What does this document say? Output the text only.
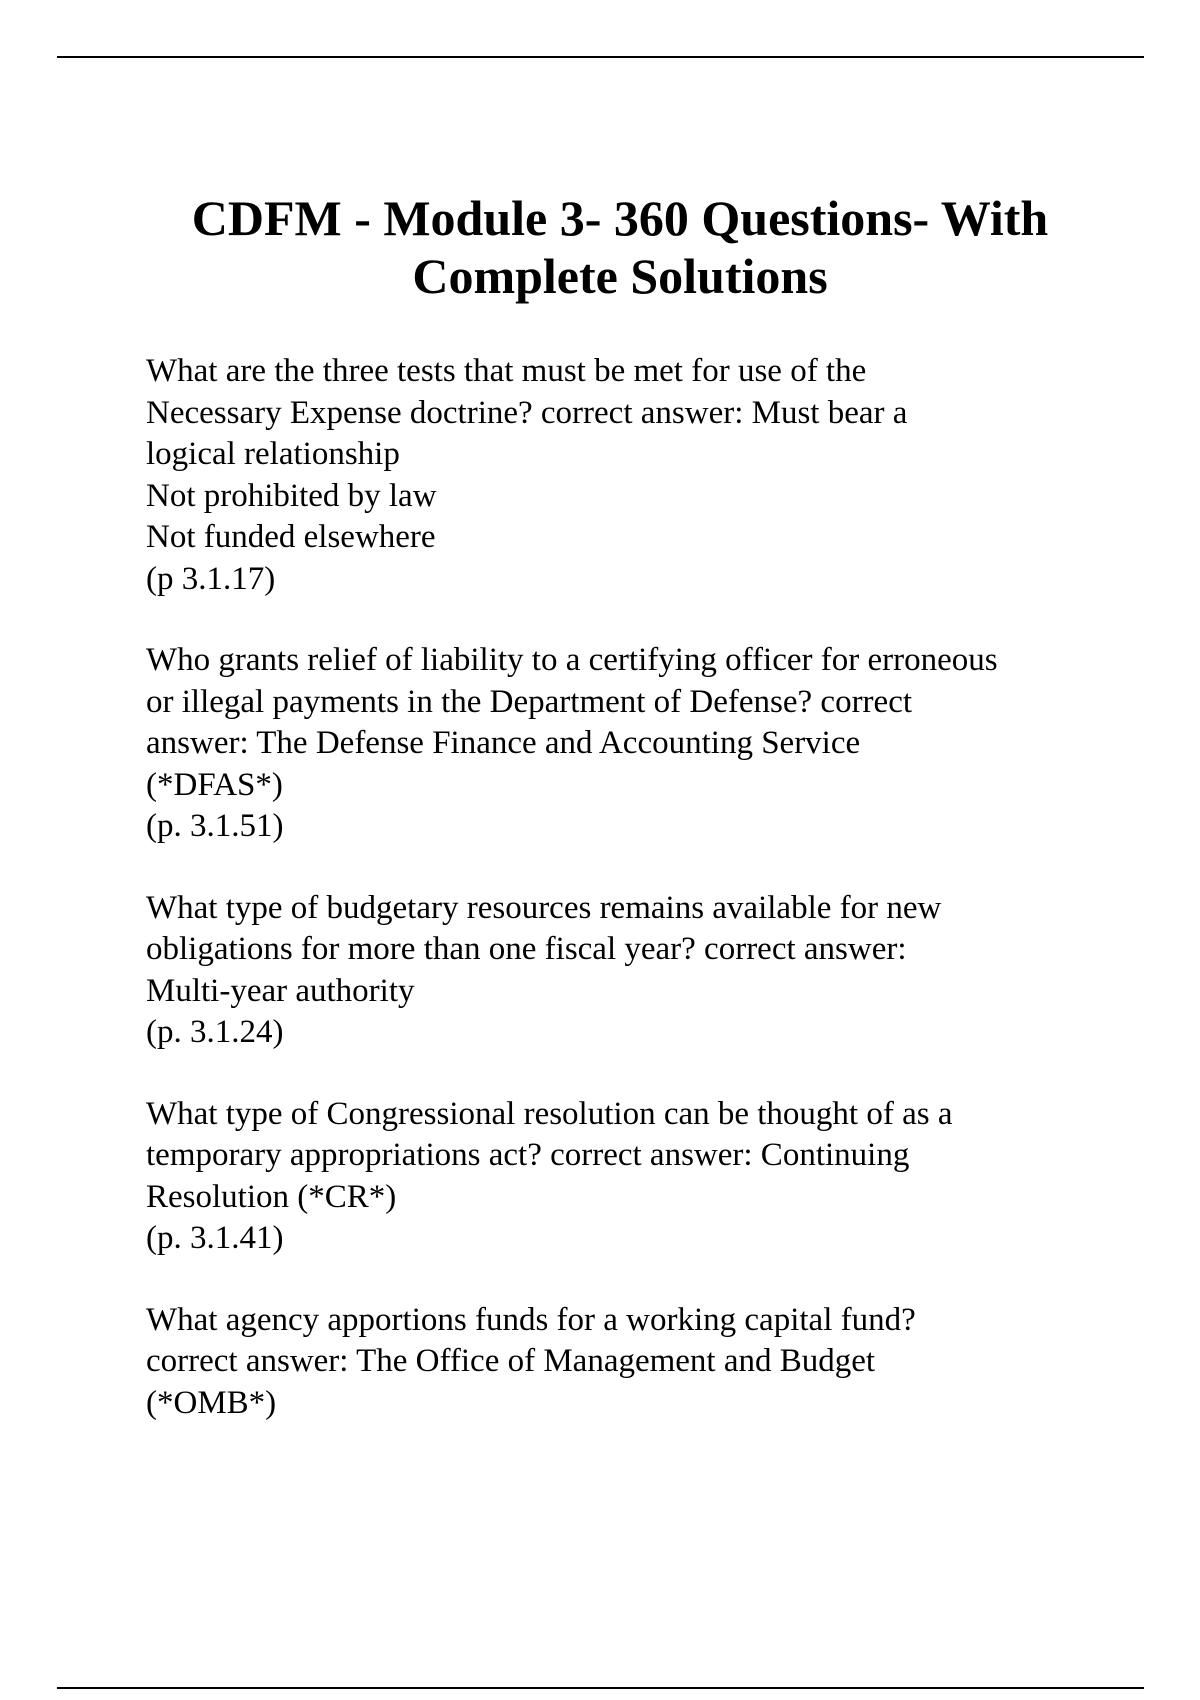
CDFM - Module 3- 360 Questions- With
Complete Solutions

What are the three tests that must be met for use of the

Necessary Expense doctrine? correct answer: Must bear a

logical relationship

Not prohibited by law

Not funded elsewhere

(p 3.1.17)

Who grants relief of liability to a certifying officer for erroneous

or illegal payments in the Department of Defense? correct

answer: The Defense Finance and Accounting Service

(*DFAS*)

(p. 3.1.51)

What type of budgetary resources remains available for new

obligations for more than one fiscal year? correct answer:

Multi-year authority

(p. 3.1.24)

What type of Congressional resolution can be thought of as a

temporary appropriations act? correct answer: Continuing

Resolution (*CR*)

(p. 3.1.41)

What agency apportions funds for a working capital fund?

correct answer: The Office of Management and Budget

(*OMB*)
